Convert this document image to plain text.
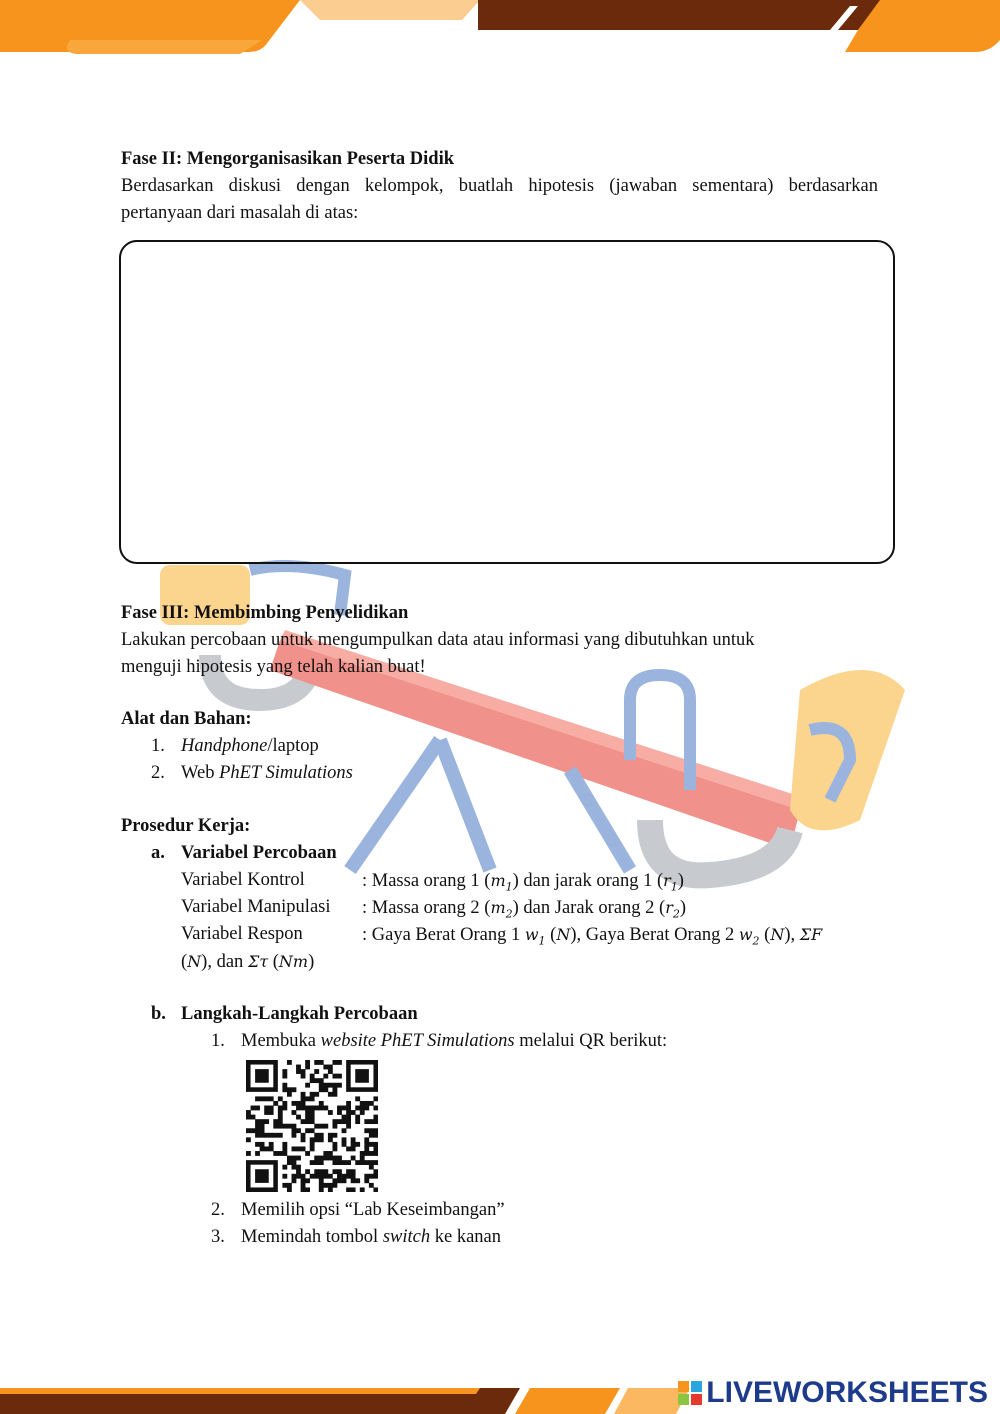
Fase II: Mengorganisasikan Peserta Didik

Berdasarkan diskusi dengan kelompok, buatlah hipotesis (jawaban sementara) berdasarkan

pertanyaan dari masalah di atas:

Fase III: Membimbing Penyelidikan

Lakukan percobaan untuk mengumpulkan data atau informasi yang dibutuhkan untuk

menguji hipotesis yang telah kalian buat!

Alat dan Bahan:

1. Handphone/laptop
2. Web PhET Simulations

Prosedur Kerja:

a. Variabel Percobaan

Variabel Kontrol	: Massa orang 1 $(m_1)$ dan jarak orang 1 $(r_1)$

Variabel Manipulasi : Massa orang 2 $(m_2)$ dan Jarak orang 2 $(r_2)$

Variabel Respon	: Gaya Berat Orang 1 $w_1$ (N), Gaya Berat Orang 2 $w_2$ (N), ΣF

(N), dan Στ (Nm)

b. Langkah-Langkah Percobaan
1. Membuka website PhET Simulations melalui QR berikut:
2. Memilih opsi “Lab Keseimbangan”
3. Memindah tombol switch ke kanan
LIVEWORKSHEETS
